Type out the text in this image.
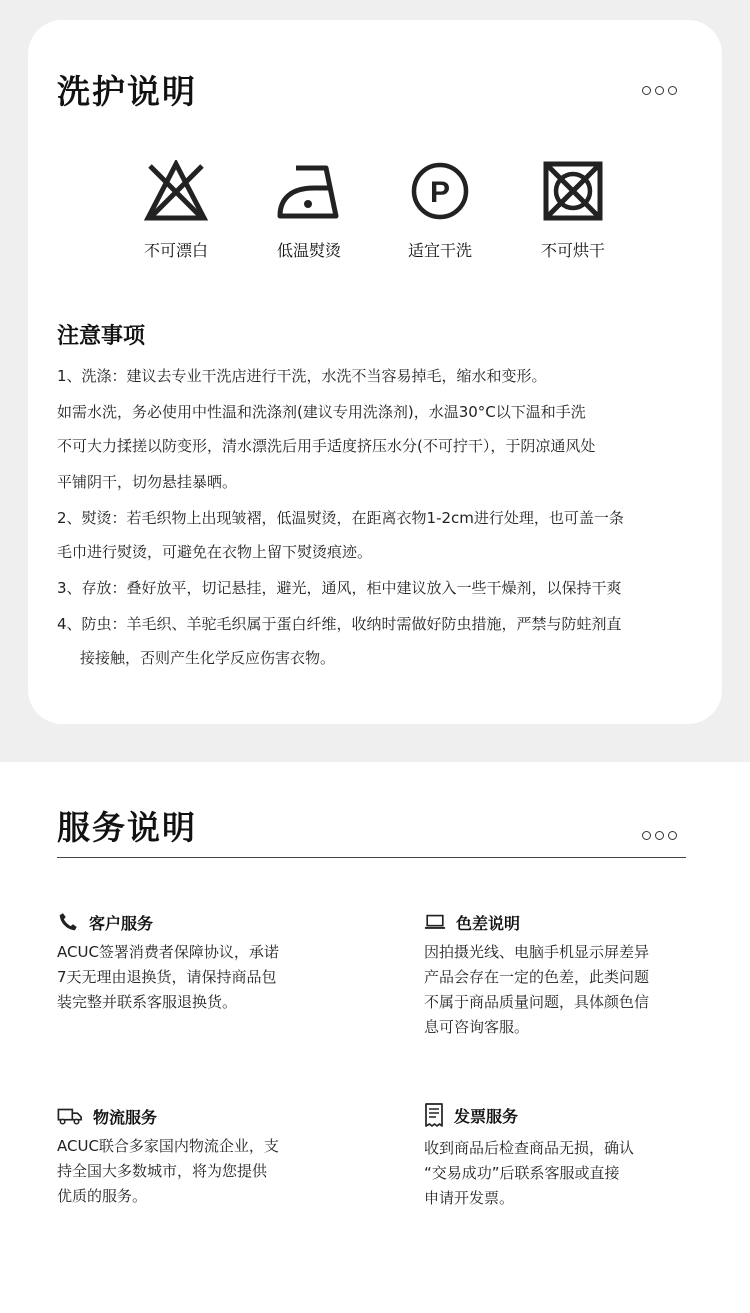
洗护说明
不可漂白	低温熨烫
P
适宜干洗	不可烘干
注意事项
1、洗涤：建议去专业干洗店进行干洗，水洗不当容易掉毛，缩水和变形。
如需水洗，务必使用中性温和洗涤剂(建议专用洗涤剂)，水温30°C以下温和手洗
不可大力揉搓以防变形，清水漂洗后用手适度挤压水分(不可拧干），于阴凉通风处
平铺阴干，切勿悬挂暴晒。
2、熨烫：若毛织物上出现皱褶，低温熨烫，在距离衣物1-2cm进行处理，也可盖一条
毛巾进行熨烫，可避免在衣物上留下熨烫痕迹。
3、存放：叠好放平，切记悬挂，避光，通风，柜中建议放入一些干燥剂，以保持干爽
4、防虫：羊毛织、羊驼毛织属于蛋白纤维，收纳时需做好防虫措施，严禁与防蛀剂直
接接触，否则产生化学反应伤害衣物。
服务说明
客户服务
ACUC签署消费者保障协议，承诺
7天无理由退换货，请保持商品包
装完整并联系客服退换货。
色差说明
因拍摄光线、电脑手机显示屏差异
产品会存在一定的色差，此类问题
不属于商品质量问题，具体颜色信
息可咨询客服。
物流服务
ACUC联合多家国内物流企业，支
持全国大多数城市，将为您提供
优质的服务。
发票服务
收到商品后检查商品无损，确认
“交易成功”后联系客服或直接
申请开发票。
